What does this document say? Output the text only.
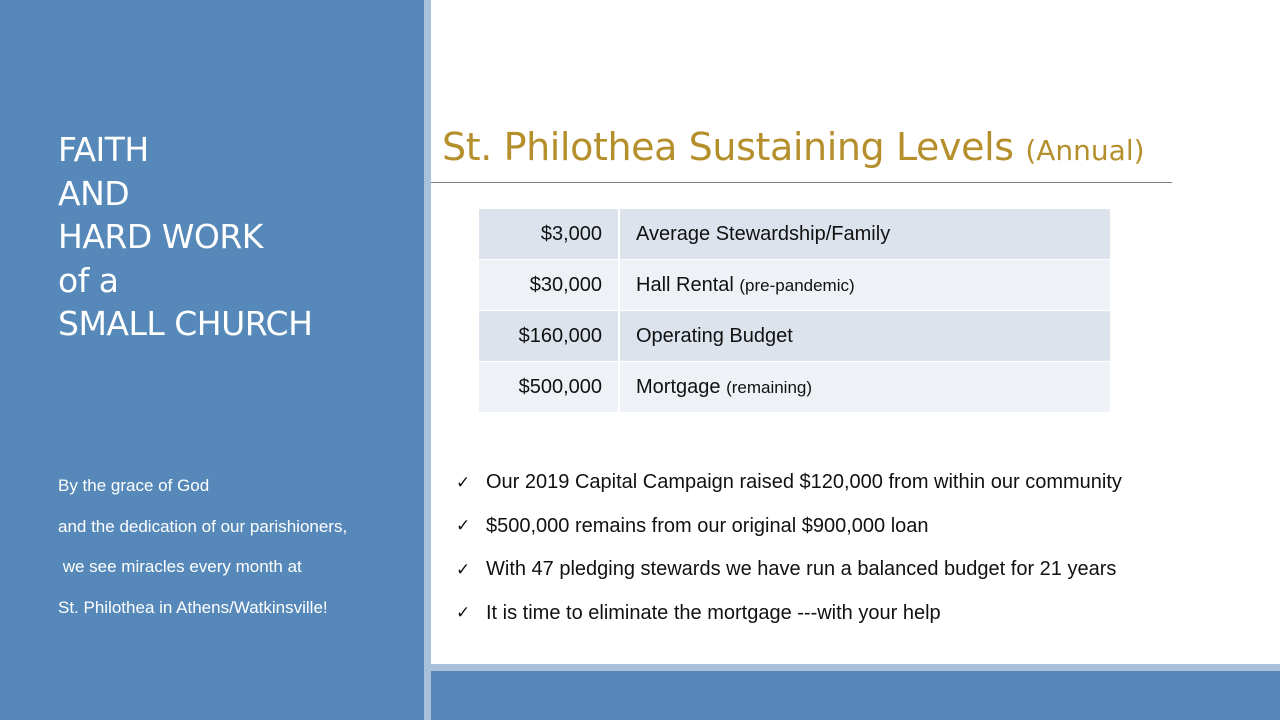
FAITH
AND
HARD WORK
of a
SMALL CHURCH
By the grace of God
and the dedication of our parishioners,
we see miracles every month at
St. Philothea in Athens/Watkinsville!
St. Philothea Sustaining Levels (Annual)
$3,000	Average Stewardship/Family
$30,000	Hall Rental (pre-pandemic)
$160,000	Operating Budget
$500,000	Mortgage (remaining)
✓ Our 2019 Capital Campaign raised $120,000 from within our community
✓ $500,000 remains from our original $900,000 loan
✓ With 47 pledging stewards we have run a balanced budget for 21 years
✓ It is time to eliminate the mortgage ---with your help
